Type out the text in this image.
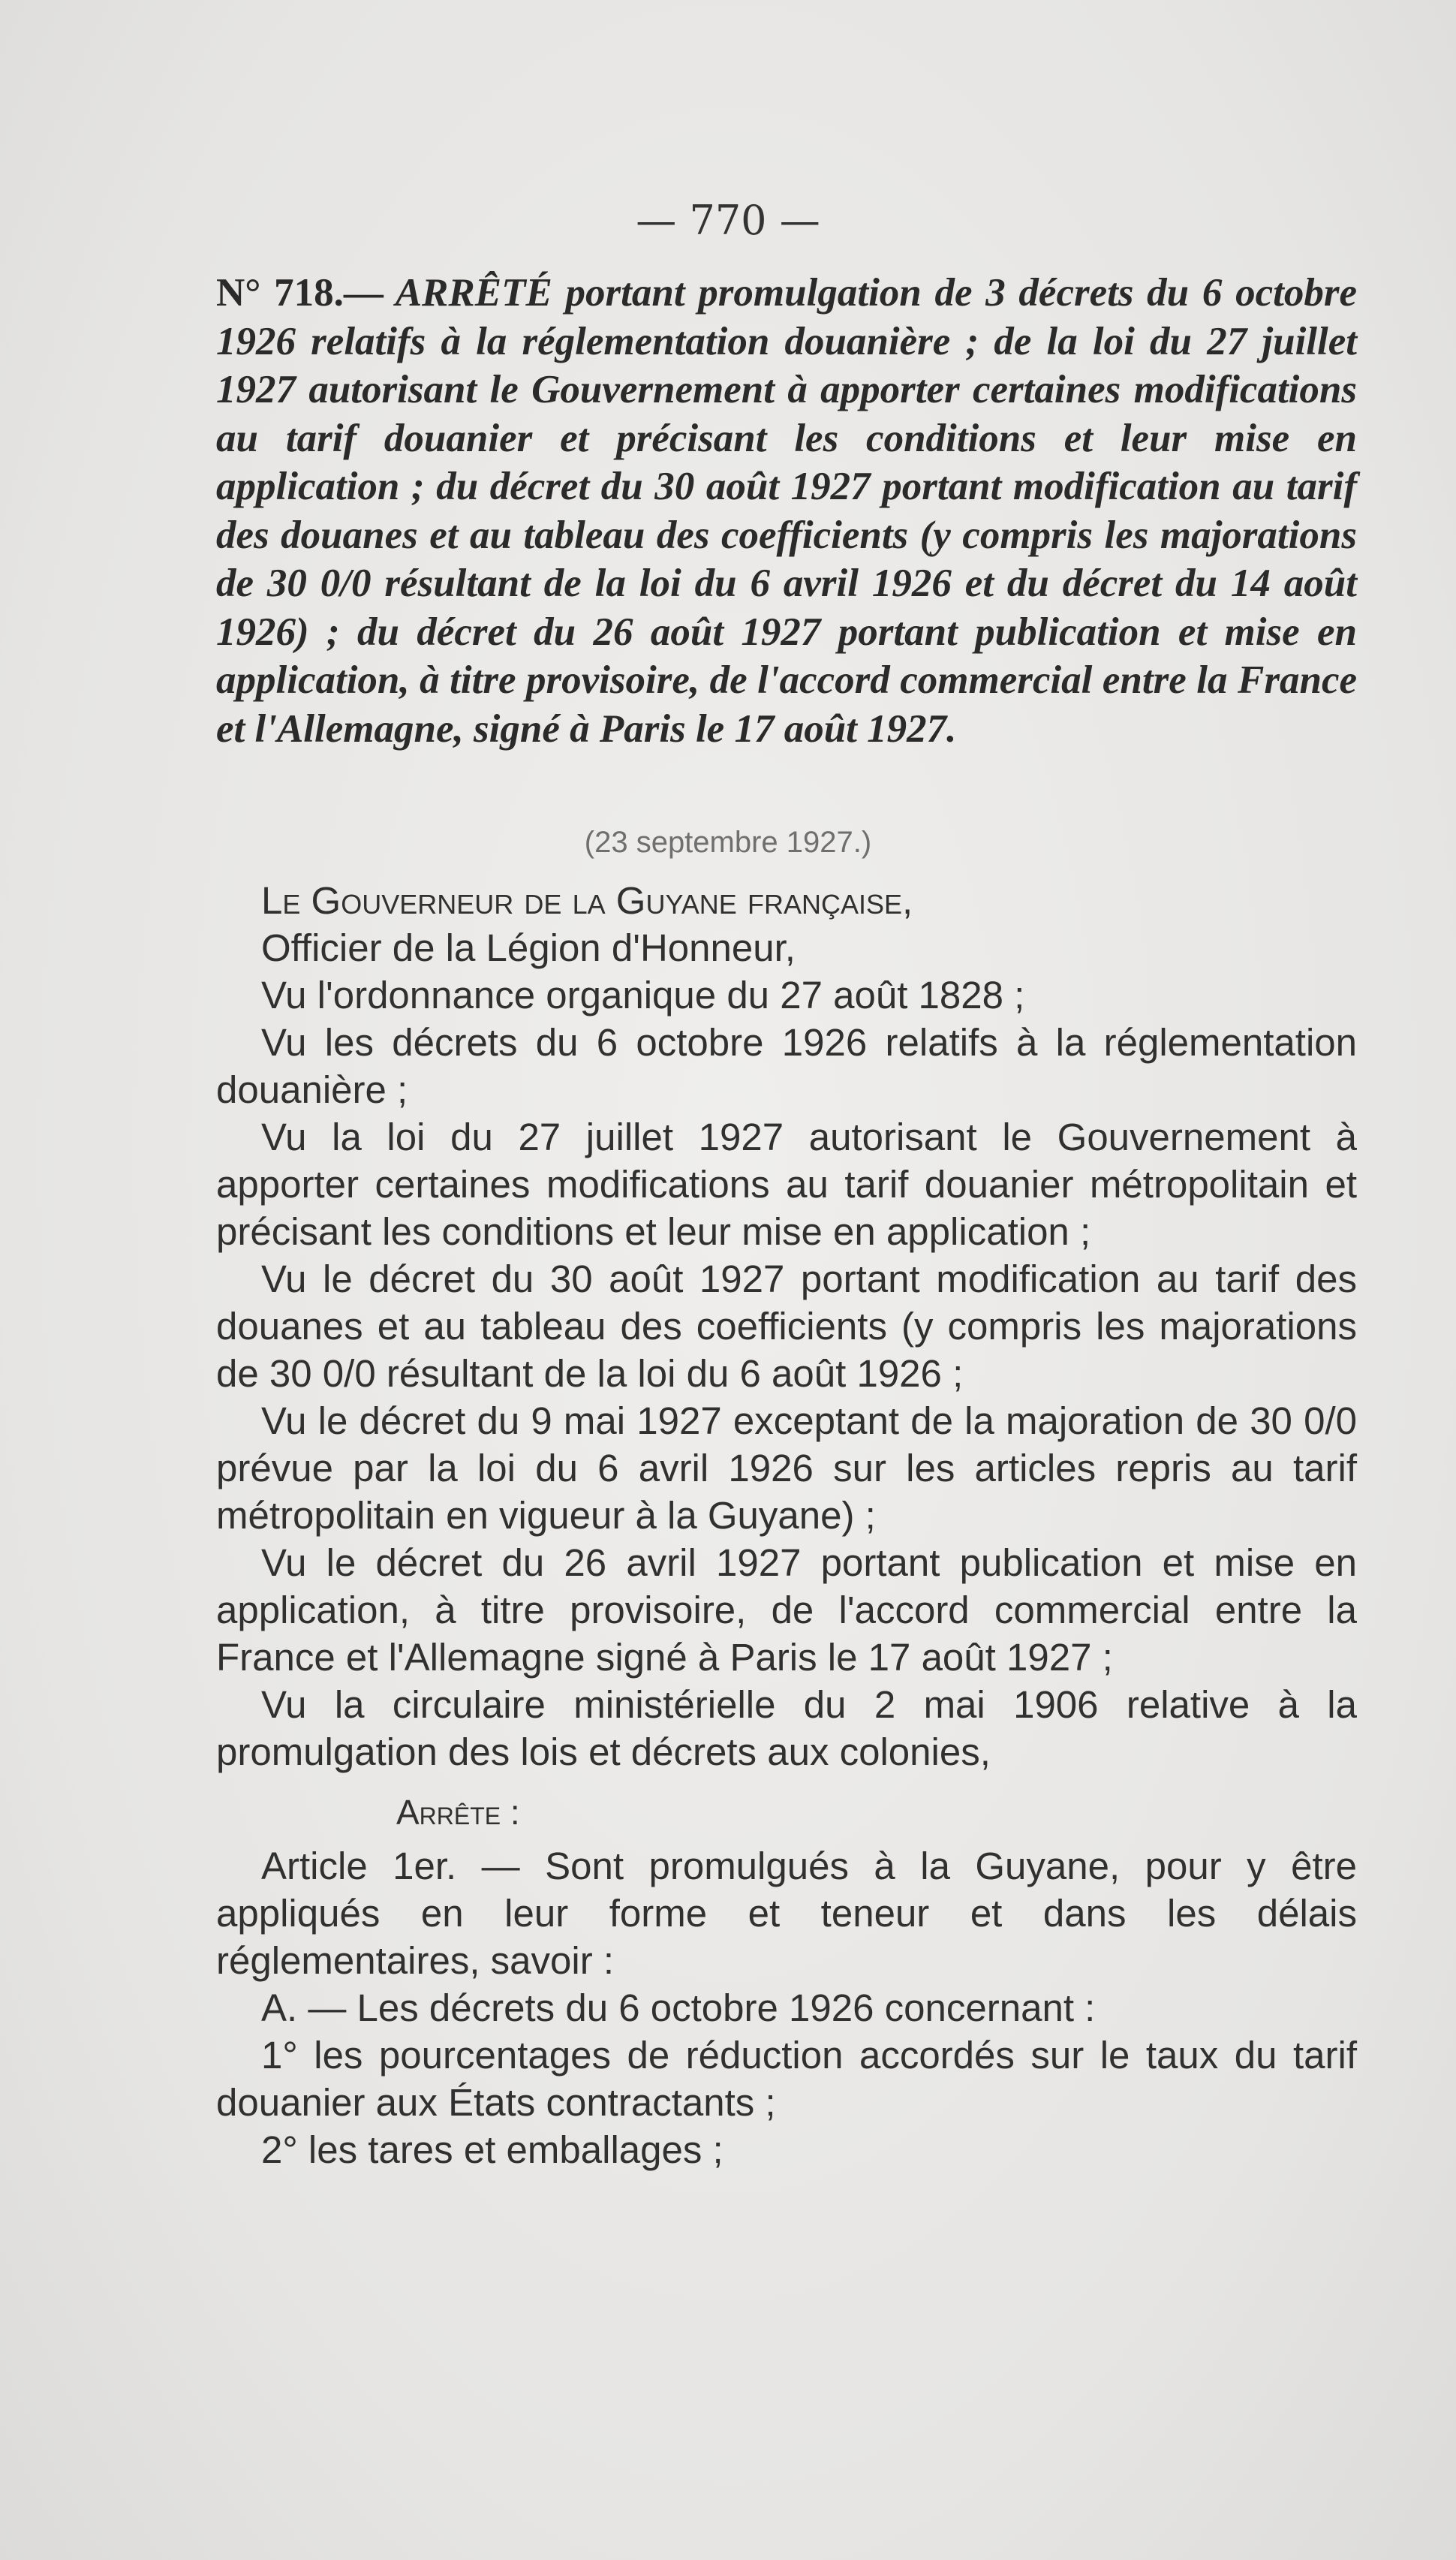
— 770 —
N° 718.— ARRÊTÉ portant promulgation de 3 décrets du 6 octobre 1926 relatifs à la réglementation douanière ; de la loi du 27 juillet 1927 autorisant le Gouvernement à apporter certaines modifications au tarif douanier et précisant les conditions et leur mise en application ; du décret du 30 août 1927 portant modification au tarif des douanes et au tableau des coefficients (y compris les majorations de 30 0/0 résultant de la loi du 6 avril 1926 et du décret du 14 août 1926) ; du décret du 26 août 1927 portant publication et mise en application, à titre provisoire, de l'accord commercial entre la France et l'Allemagne, signé à Paris le 17 août 1927.
(23 septembre 1927.)

Le Gouverneur de la Guyane française,

Officier de la Légion d'Honneur,

Vu l'ordonnance organique du 27 août 1828 ;

Vu les décrets du 6 octobre 1926 relatifs à la réglementation douanière ;

Vu la loi du 27 juillet 1927 autorisant le Gouvernement à apporter certaines modifications au tarif douanier métropolitain et précisant les conditions et leur mise en application ;

Vu le décret du 30 août 1927 portant modification au tarif des douanes et au tableau des coefficients (y compris les majorations de 30 0/0 résultant de la loi du 6 août 1926 ;

Vu le décret du 9 mai 1927 exceptant de la majoration de 30 0/0 prévue par la loi du 6 avril 1926 sur les articles repris au tarif métropolitain en vigueur à la Guyane) ;

Vu le décret du 26 avril 1927 portant publication et mise en application, à titre provisoire, de l'accord commercial entre la France et l'Allemagne signé à Paris le 17 août 1927 ;

Vu la circulaire ministérielle du 2 mai 1906 relative à la promulgation des lois et décrets aux colonies,

Arrête :

Article 1er. — Sont promulgués à la Guyane, pour y être appliqués en leur forme et teneur et dans les délais réglementaires, savoir :

A. — Les décrets du 6 octobre 1926 concernant :

1° les pourcentages de réduction accordés sur le taux du tarif douanier aux États contractants ;

2° les tares et emballages ;
